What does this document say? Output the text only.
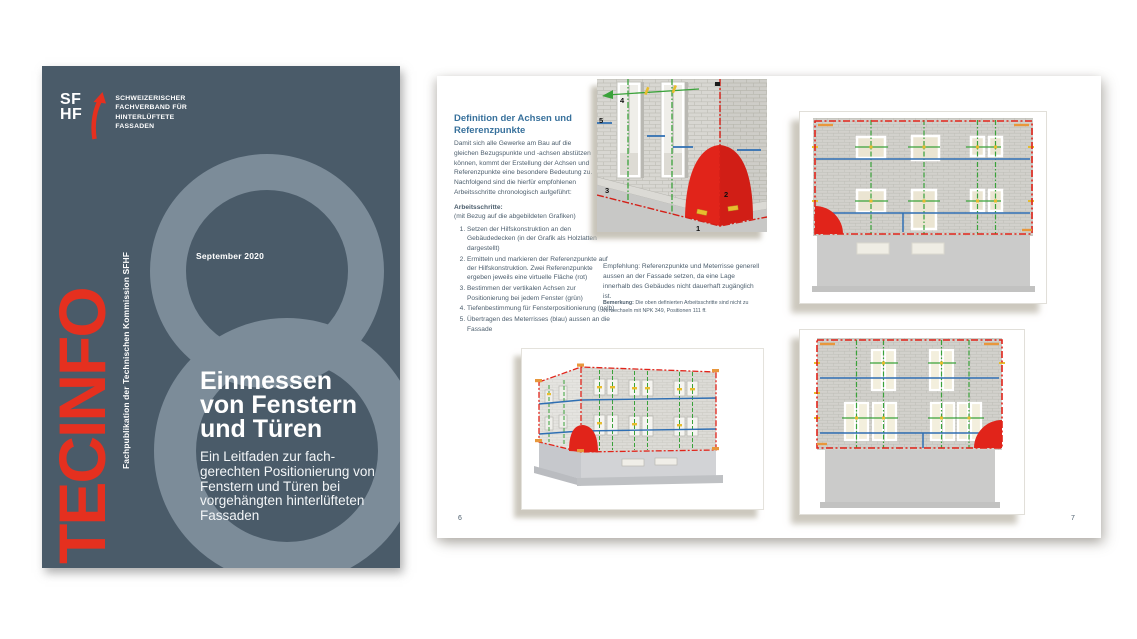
SF
HF
SCHWEIZERISCHER
FACHVERBAND FÜR
HINTERLÜFTETE
FASSADEN
September 2020
TECINFO Fachpublikation der Technischen Kommission SFHF	Einmessen
von Fenstern
und Türen
Ein Leitfaden zur fach-
gerechten Positionierung von
Fenstern und Türen bei
vorgehängten hinterlüfteten
Fassaden
Definition der Achsen und
Referenzpunkte
Damit sich alle Gewerke am Bau auf die gleichen Bezugspunkte und -achsen abstützen können, kommt der Erstellung der Achsen und Referenzpunkte eine besondere Bedeutung zu. Nachfolgend sind die hierfür empfohlenen Arbeitsschritte chronologisch aufgeführt:
Arbeitsschritte:
(mit Bezug auf die abgebildeten Grafiken)
1. Setzen der Hilfskonstruktion an den Gebäudedecken (in der Grafik als Holzlatten dargestellt)
2. Ermitteln und markieren der Referenzpunkte auf der Hilfskonstruktion. Zwei Referenzpunkte ergeben jeweils eine virtuelle Fläche (rot)
3. Bestimmen der vertikalen Achsen zur Positionierung bei jedem Fenster (grün)
4. Tiefenbestimmung für Fensterpositionierung (gelb)
5. Übertragen des Meterrisses (blau) aussen an die Fassade
Empfehlung: Referenzpunkte und Meterrisse generell aussen an der Fassade setzen, da eine Lage innerhalb des Gebäudes nicht dauerhaft zugänglich ist.
Bemerkung: Die oben definierten Arbeitsschritte sind nicht zu verwechseln mit NPK 349, Positionen 111 ff.
4
5
3
1
2
6	7
